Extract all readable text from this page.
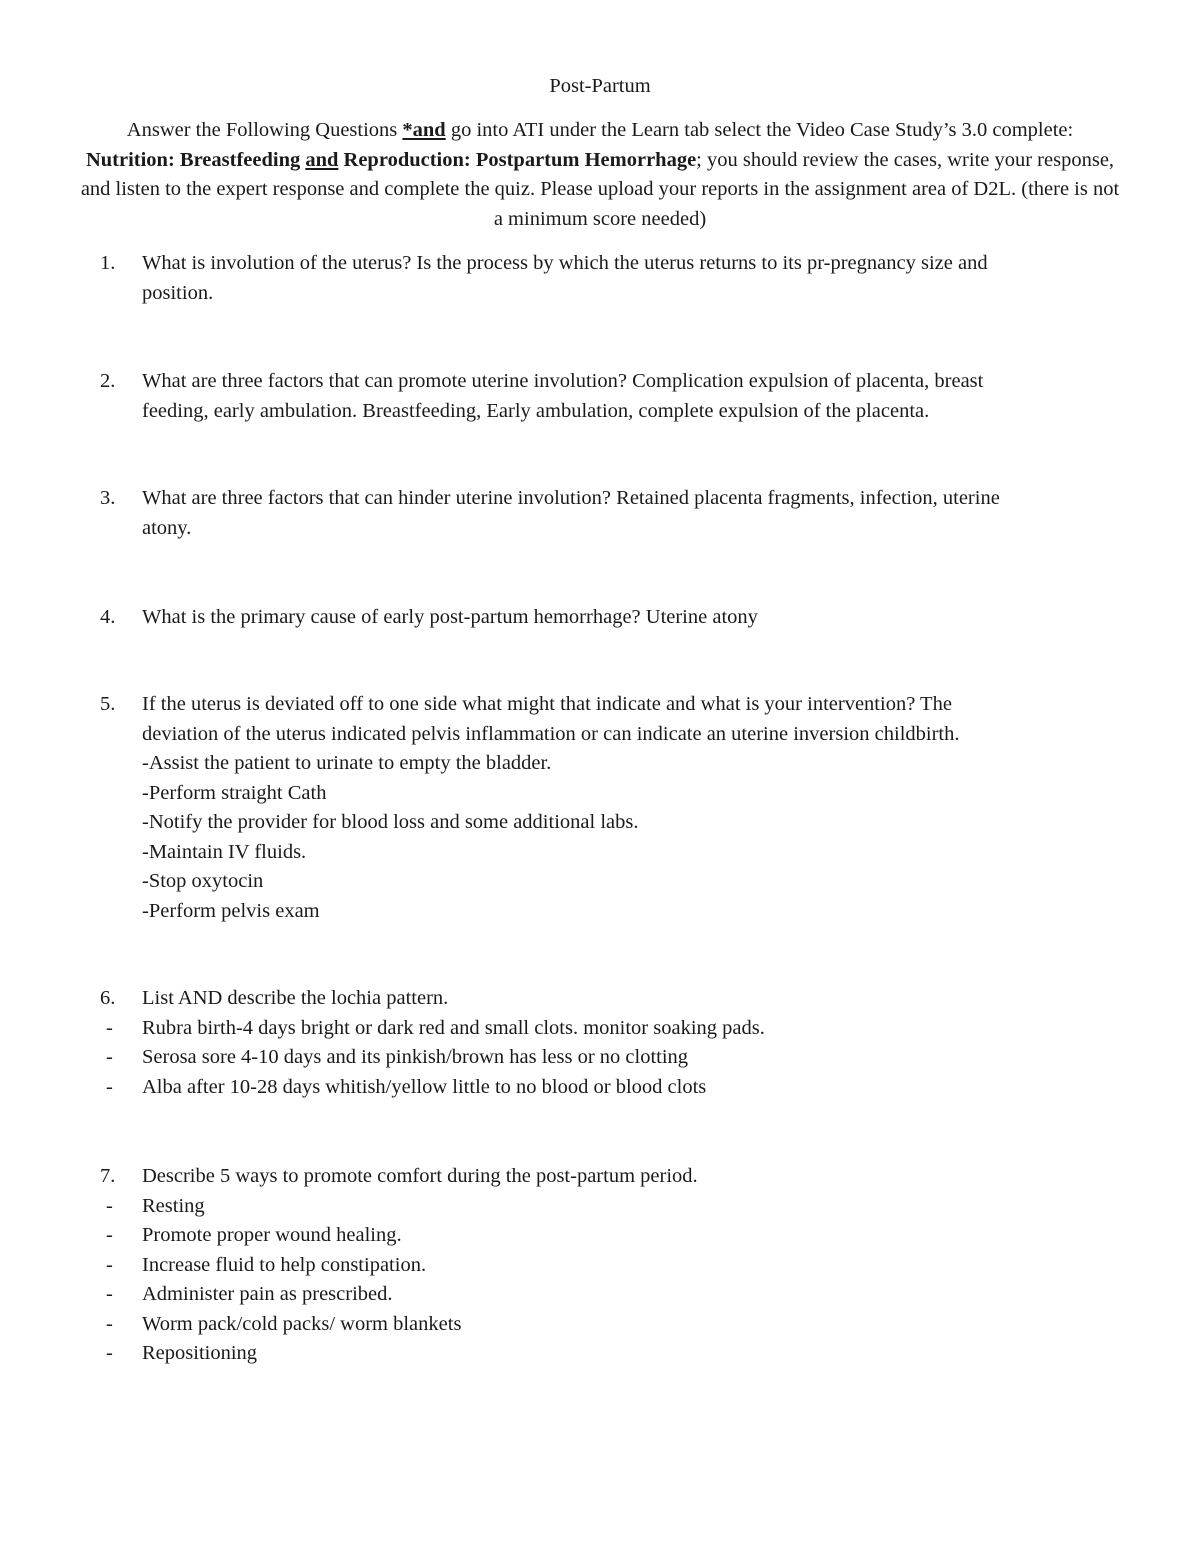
Post-Partum
Answer the Following Questions *and go into ATI under the Learn tab select the Video Case Study’s 3.0 complete: Nutrition: Breastfeeding and Reproduction: Postpartum Hemorrhage; you should review the cases, write your response, and listen to the expert response and complete the quiz. Please upload your reports in the assignment area of D2L. (there is not a minimum score needed)
1.	What is involution of the uterus? Is the process by which the uterus returns to its pr-pregnancy size and
position.
2.	What are three factors that can promote uterine involution? Complication expulsion of placenta, breast
feeding, early ambulation. Breastfeeding, Early ambulation, complete expulsion of the placenta.
3.	What are three factors that can hinder uterine involution? Retained placenta fragments, infection, uterine
atony.
4.	What is the primary cause of early post-partum hemorrhage? Uterine atony
5.	If the uterus is deviated off to one side what might that indicate and what is your intervention? The
deviation of the uterus indicated pelvis inflammation or can indicate an uterine inversion childbirth.
-Assist the patient to urinate to empty the bladder.
-Perform straight Cath
-Notify the provider for blood loss and some additional labs.
-Maintain IV fluids.
-Stop oxytocin
-Perform pelvis exam
6.	List AND describe the lochia pattern.
- Rubra birth-4 days bright or dark red and small clots. monitor soaking pads.
- Serosa sore 4-10 days and its pinkish/brown has less or no clotting
- Alba after 10-28 days whitish/yellow little to no blood or blood clots
7.	Describe 5 ways to promote comfort during the post-partum period.
- Resting
- Promote proper wound healing.
- Increase fluid to help constipation.
- Administer pain as prescribed.
- Worm pack/cold packs/ worm blankets
- Repositioning
